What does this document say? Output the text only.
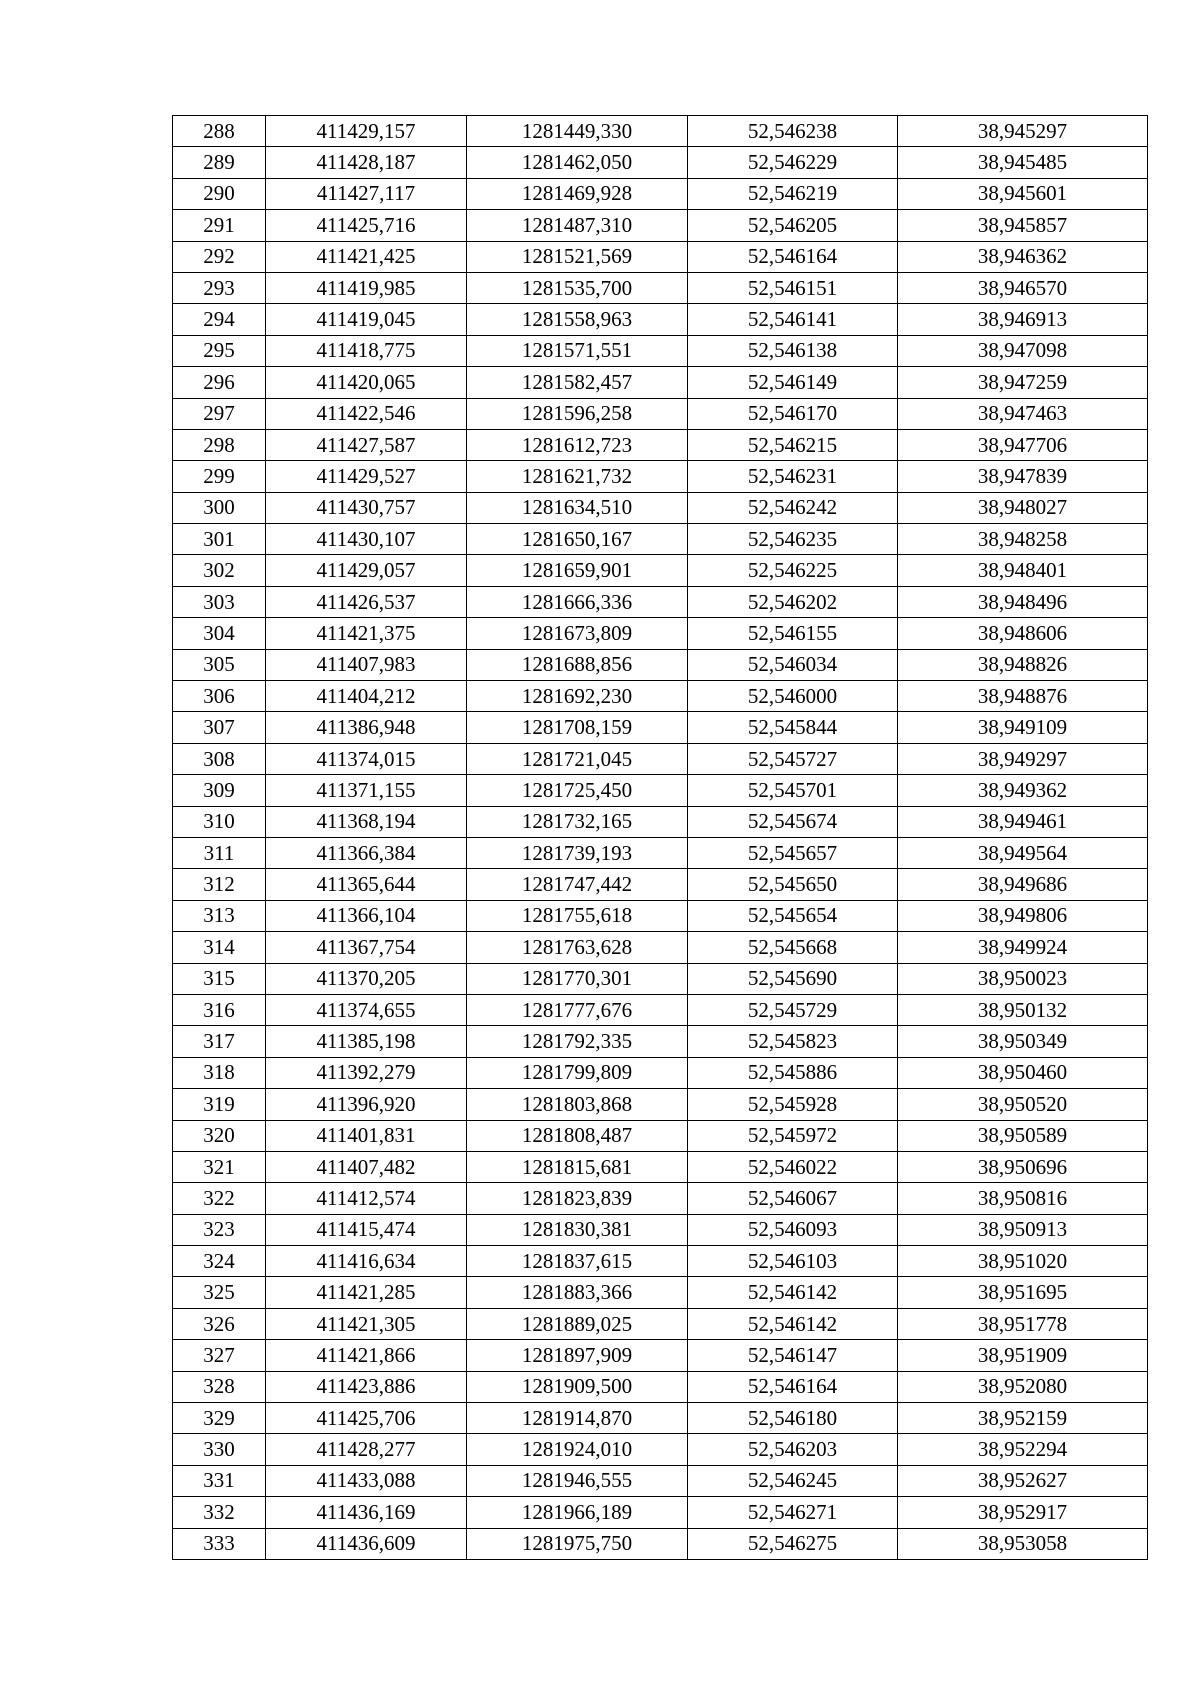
288	411429,157	1281449,330	52,546238	38,945297
289	411428,187	1281462,050	52,546229	38,945485
290	411427,117	1281469,928	52,546219	38,945601
291	411425,716	1281487,310	52,546205	38,945857
292	411421,425	1281521,569	52,546164	38,946362
293	411419,985	1281535,700	52,546151	38,946570
294	411419,045	1281558,963	52,546141	38,946913
295	411418,775	1281571,551	52,546138	38,947098
296	411420,065	1281582,457	52,546149	38,947259
297	411422,546	1281596,258	52,546170	38,947463
298	411427,587	1281612,723	52,546215	38,947706
299	411429,527	1281621,732	52,546231	38,947839
300	411430,757	1281634,510	52,546242	38,948027
301	411430,107	1281650,167	52,546235	38,948258
302	411429,057	1281659,901	52,546225	38,948401
303	411426,537	1281666,336	52,546202	38,948496
304	411421,375	1281673,809	52,546155	38,948606
305	411407,983	1281688,856	52,546034	38,948826
306	411404,212	1281692,230	52,546000	38,948876
307	411386,948	1281708,159	52,545844	38,949109
308	411374,015	1281721,045	52,545727	38,949297
309	411371,155	1281725,450	52,545701	38,949362
310	411368,194	1281732,165	52,545674	38,949461
311	411366,384	1281739,193	52,545657	38,949564
312	411365,644	1281747,442	52,545650	38,949686
313	411366,104	1281755,618	52,545654	38,949806
314	411367,754	1281763,628	52,545668	38,949924
315	411370,205	1281770,301	52,545690	38,950023
316	411374,655	1281777,676	52,545729	38,950132
317	411385,198	1281792,335	52,545823	38,950349
318	411392,279	1281799,809	52,545886	38,950460
319	411396,920	1281803,868	52,545928	38,950520
320	411401,831	1281808,487	52,545972	38,950589
321	411407,482	1281815,681	52,546022	38,950696
322	411412,574	1281823,839	52,546067	38,950816
323	411415,474	1281830,381	52,546093	38,950913
324	411416,634	1281837,615	52,546103	38,951020
325	411421,285	1281883,366	52,546142	38,951695
326	411421,305	1281889,025	52,546142	38,951778
327	411421,866	1281897,909	52,546147	38,951909
328	411423,886	1281909,500	52,546164	38,952080
329	411425,706	1281914,870	52,546180	38,952159
330	411428,277	1281924,010	52,546203	38,952294
331	411433,088	1281946,555	52,546245	38,952627
332	411436,169	1281966,189	52,546271	38,952917
333	411436,609	1281975,750	52,546275	38,953058
